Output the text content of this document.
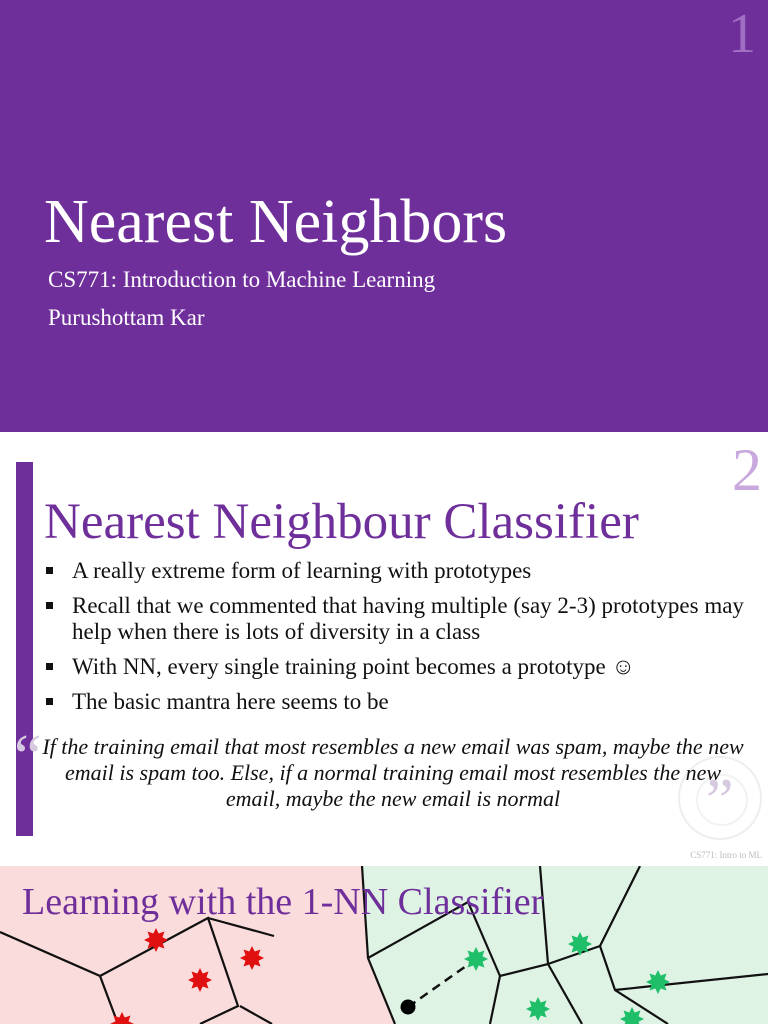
1
Nearest Neighbors
CS771: Introduction to Machine Learning
Purushottam Kar
2
Nearest Neighbour Classifier
A really extreme form of learning with prototypes
Recall that we commented that having multiple (say 2-3) prototypes may help when there is lots of diversity in a class
With NN, every single training point becomes a prototype ☺
The basic mantra here seems to be
“ If the training email that most resembles a new email was spam, maybe the new email is spam too. Else, if a normal training email most resembles the new email, maybe the new email is normal	”
CS771: Intro to ML
Learning with the 1-NN Classifier
